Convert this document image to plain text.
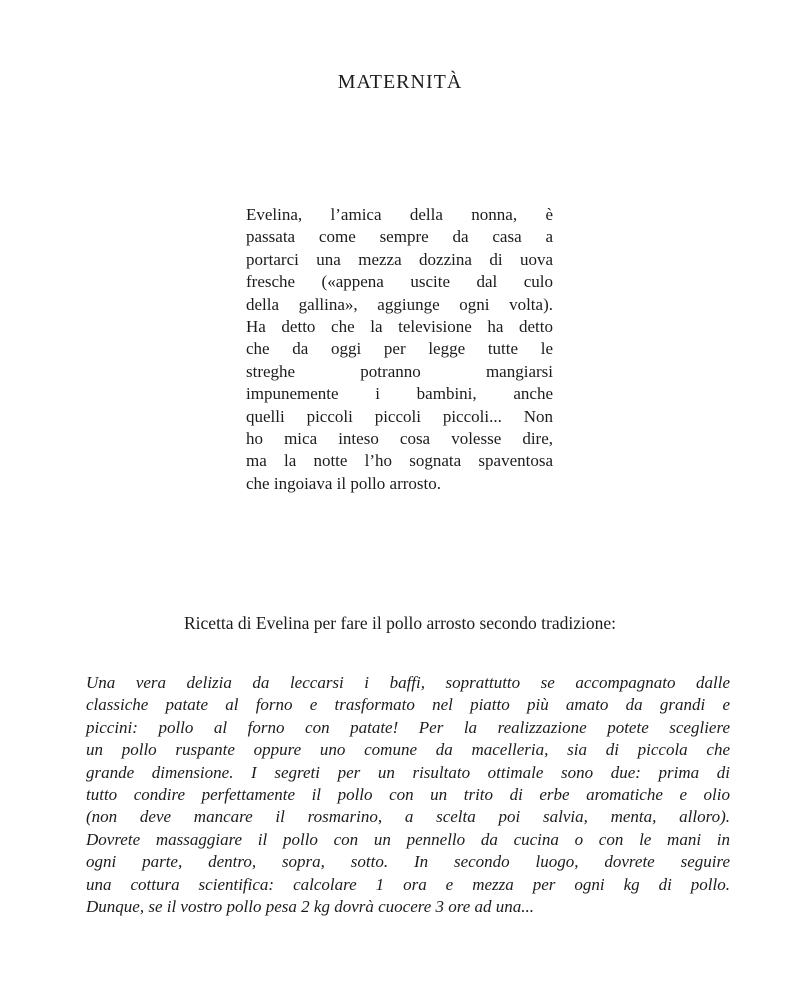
MATERNITÀ
Evelina, l’amica della nonna, è
passata come sempre da casa a
portarci una mezza dozzina di uova
fresche («appena uscite dal culo
della gallina», aggiunge ogni volta).
Ha detto che la televisione ha detto
che da oggi per legge tutte le
streghe potranno mangiarsi
impunemente i bambini, anche
quelli piccoli piccoli piccoli... Non
ho mica inteso cosa volesse dire,
ma la notte l’ho sognata spaventosa
che ingoiava il pollo arrosto.
Ricetta di Evelina per fare il pollo arrosto secondo tradizione:
Una vera delizia da leccarsi i baffi, soprattutto se accompagnato dalle
classiche patate al forno e trasformato nel piatto più amato da grandi e
piccini: pollo al forno con patate! Per la realizzazione potete scegliere
un pollo ruspante oppure uno comune da macelleria, sia di piccola che
grande dimensione. I segreti per un risultato ottimale sono due: prima di
tutto condire perfettamente il pollo con un trito di erbe aromatiche e olio
(non deve mancare il rosmarino, a scelta poi salvia, menta, alloro).
Dovrete massaggiare il pollo con un pennello da cucina o con le mani in
ogni parte, dentro, sopra, sotto. In secondo luogo, dovrete seguire
una cottura scientifica: calcolare 1 ora e mezza per ogni kg di pollo.
Dunque, se il vostro pollo pesa 2 kg dovrà cuocere 3 ore ad una...
